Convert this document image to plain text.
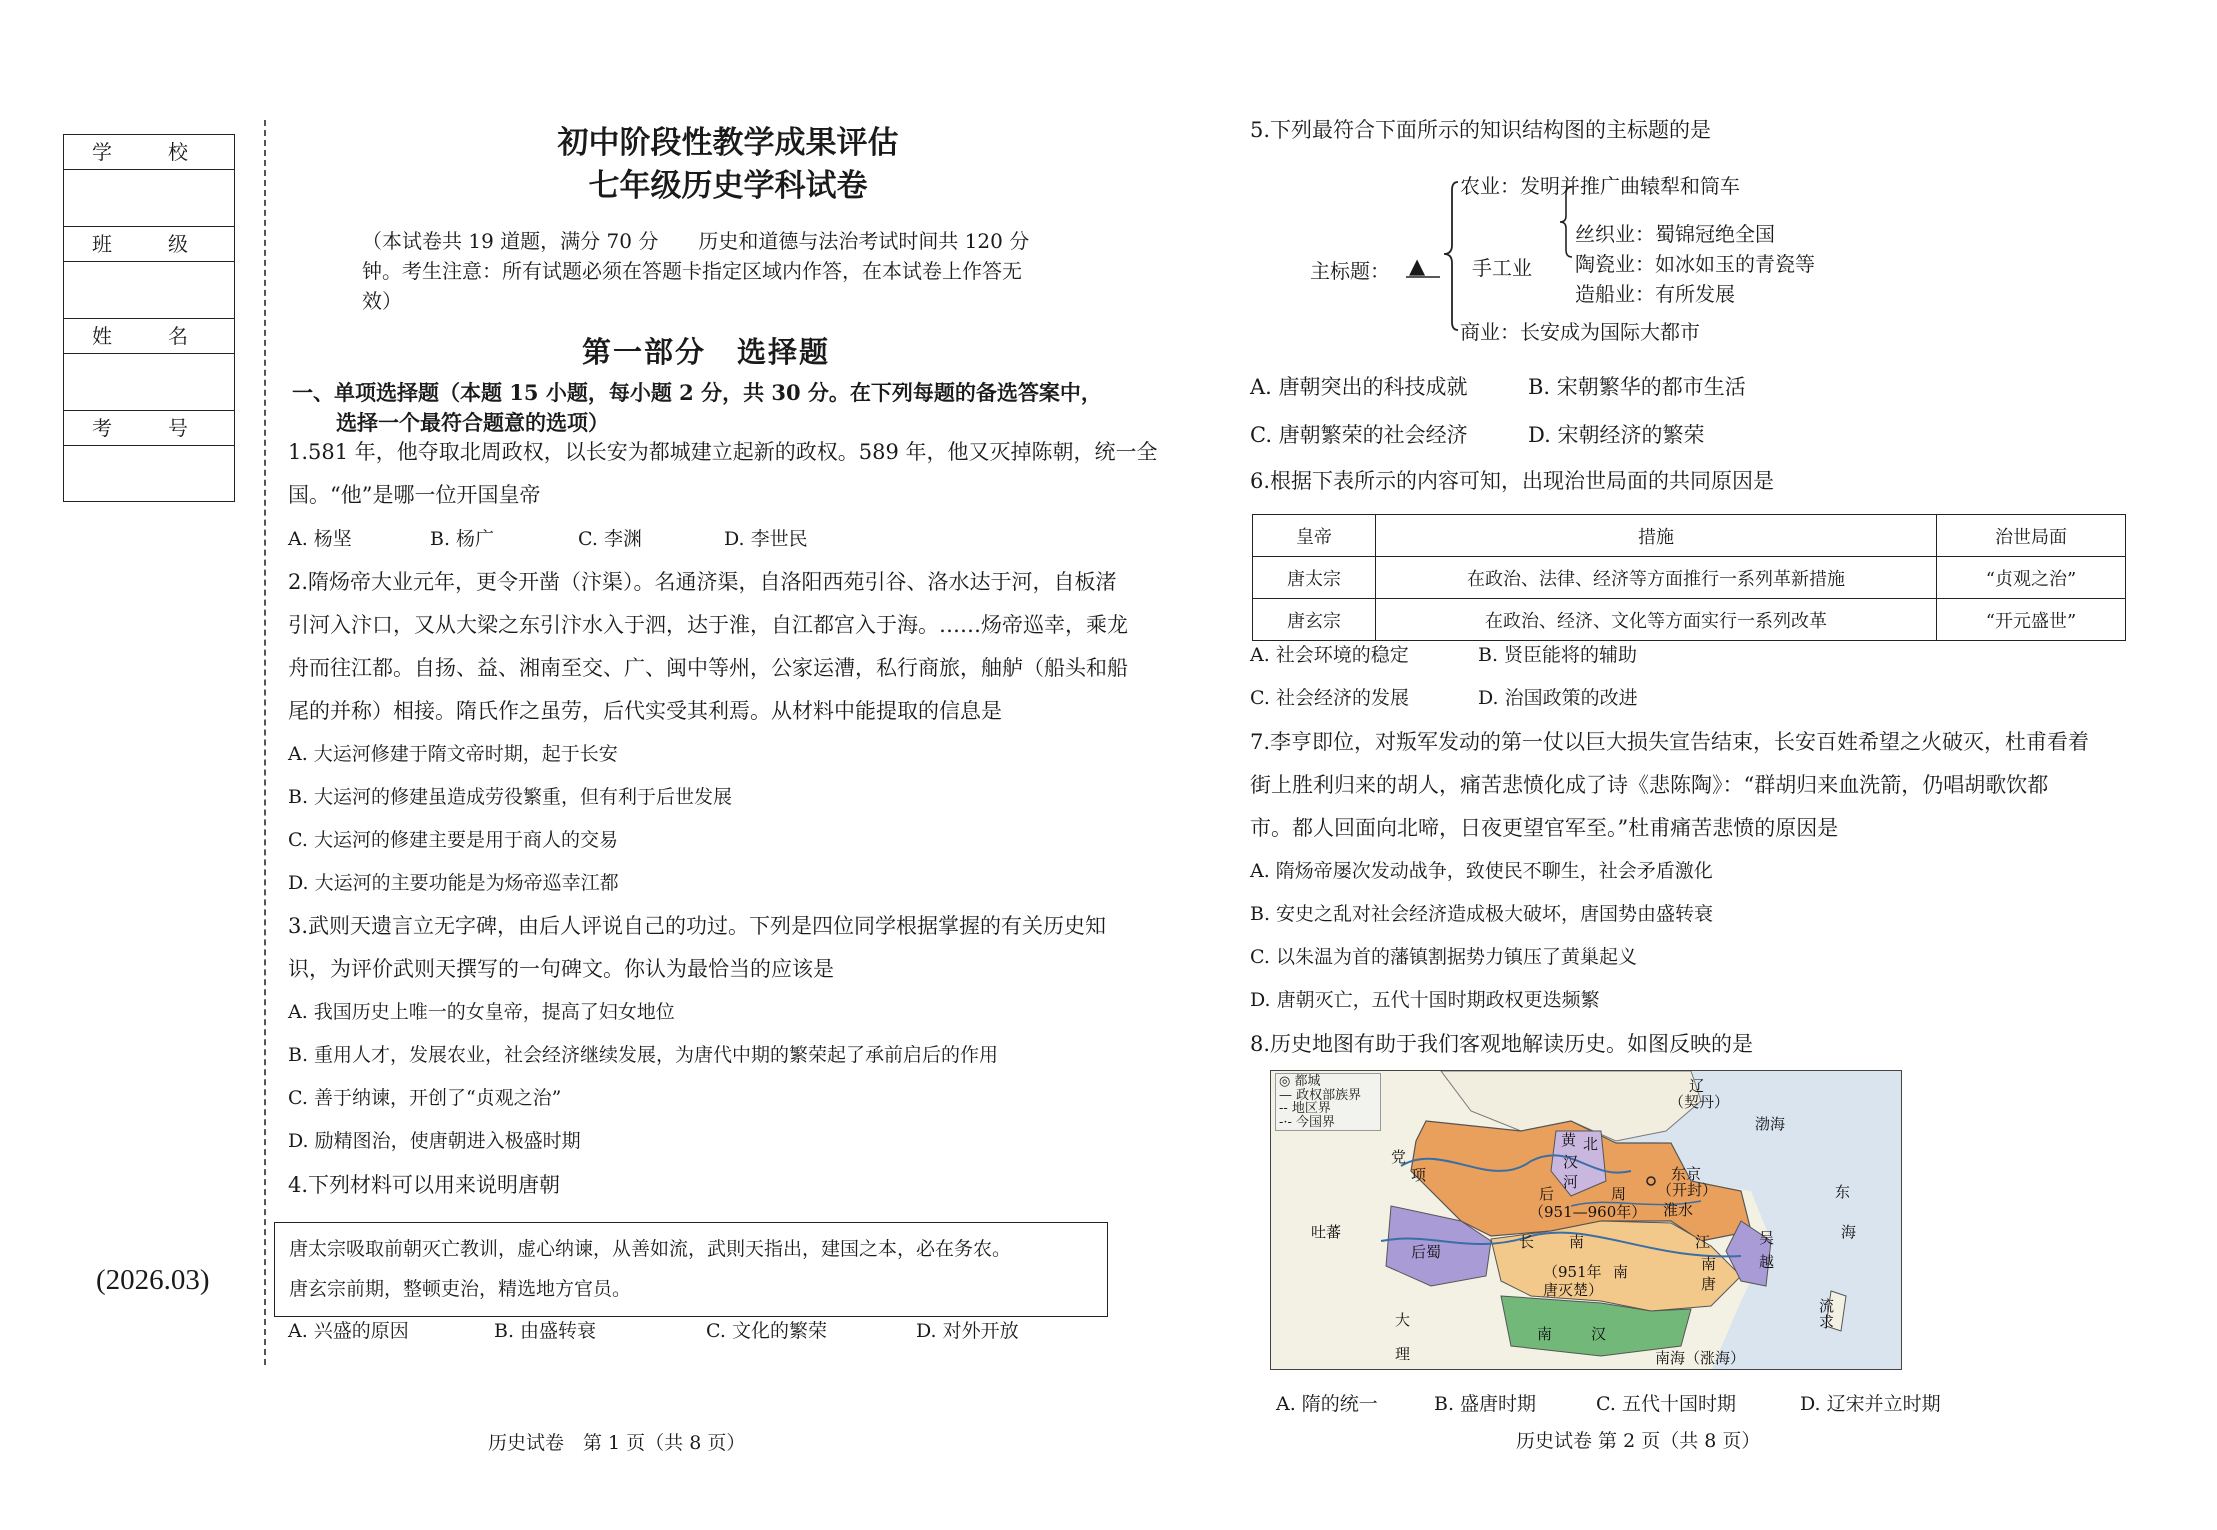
学　校
班　级
姓　名
考　号
(2026.03)
初中阶段性教学成果评估
七年级历史学科试卷
（本试卷共 19 道题，满分 70 分　　历史和道德与法治考试时间共 120 分
钟。考生注意：所有试题必须在答题卡指定区域内作答，在本试卷上作答无
效）
第一部分　选择题
一、单项选择题（本题 15 小题，每小题 2 分，共 30 分。在下列每题的备选答案中，
选择一个最符合题意的选项）
1.581 年，他夺取北周政权，以长安为都城建立起新的政权。589 年，他又灭掉陈朝，统一全
国。“他”是哪一位开国皇帝
A. 杨坚	B. 杨广	C. 李渊	D. 李世民
2.隋炀帝大业元年，更令开凿（汴渠）。名通济渠，自洛阳西苑引谷、洛水达于河，自板渚
引河入汴口，又从大梁之东引汴水入于泗，达于淮，自江都宫入于海。……炀帝巡幸，乘龙
舟而往江都。自扬、益、湘南至交、广、闽中等州，公家运漕，私行商旅，舳舻（船头和船
尾的并称）相接。隋氏作之虽劳，后代实受其利焉。从材料中能提取的信息是
A. 大运河修建于隋文帝时期，起于长安
B. 大运河的修建虽造成劳役繁重，但有利于后世发展
C. 大运河的修建主要是用于商人的交易
D. 大运河的主要功能是为炀帝巡幸江都
3.武则天遗言立无字碑，由后人评说自己的功过。下列是四位同学根据掌握的有关历史知
识，为评价武则天撰写的一句碑文。你认为最恰当的应该是
A. 我国历史上唯一的女皇帝，提高了妇女地位
B. 重用人才，发展农业，社会经济继续发展，为唐代中期的繁荣起了承前启后的作用
C. 善于纳谏，开创了“贞观之治”
D. 励精图治，使唐朝进入极盛时期
4.下列材料可以用来说明唐朝
唐太宗吸取前朝灭亡教训，虚心纳谏，从善如流，武則天指出，建国之本，必在务农。
唐玄宗前期，整顿吏治，精选地方官员。
A. 兴盛的原因	B. 由盛转衰	C. 文化的繁荣	D. 对外开放
历史试卷　第 1 页（共 8 页）
5.下列最符合下面所示的知识结构图的主标题的是
主标题： ▲
农业：发明并推广曲辕犁和筒车
手工业
丝织业：蜀锦冠绝全国
陶瓷业：如冰如玉的青瓷等
造船业：有所发展
商业：长安成为国际大都市
A. 唐朝突出的科技成就	B. 宋朝繁华的都市生活
C. 唐朝繁荣的社会经济	D. 宋朝经济的繁荣
6.根据下表所示的内容可知，出现治世局面的共同原因是
皇帝	措施	治世局面
唐太宗	在政治、法律、经济等方面推行一系列革新措施	“贞观之治”
唐玄宗	在政治、经济、文化等方面实行一系列改革	“开元盛世”
A. 社会环境的稳定	B. 贤臣能将的辅助
C. 社会经济的发展	D. 治国政策的改进
7.李亨即位，对叛军发动的第一仗以巨大损失宣告结束，长安百姓希望之火破灭，杜甫看着
街上胜利归来的胡人，痛苦悲愤化成了诗《悲陈陶》：“群胡归来血洗箭，仍唱胡歌饮都
市。都人回面向北啼，日夜更望官军至。”杜甫痛苦悲愤的原因是
A. 隋炀帝屡次发动战争，致使民不聊生，社会矛盾激化
B. 安史之乱对社会经济造成极大破坏，唐国势由盛转衰
C. 以朱温为首的藩镇割据势力镇压了黄巢起义
D. 唐朝灭亡，五代十国时期政权更迭频繁
8.历史地图有助于我们客观地解读历史。如图反映的是
◎ 都城
— 政权部族界
-- 地区界
-·- 今国界
辽
（契丹）
渤海
党
项
吐蕃
黄 北
汉
河	东京
（开封）
后	周
（951—960年） 淮水
东
海
后蜀
长 南	江	吴
越
（951年
唐灭楚）
南
唐
南
流
求
大
理
南	汉
南海（涨海）
A. 隋的统一	B. 盛唐时期	C. 五代十国时期	D. 辽宋并立时期
历史试卷 第 2 页（共 8 页）
